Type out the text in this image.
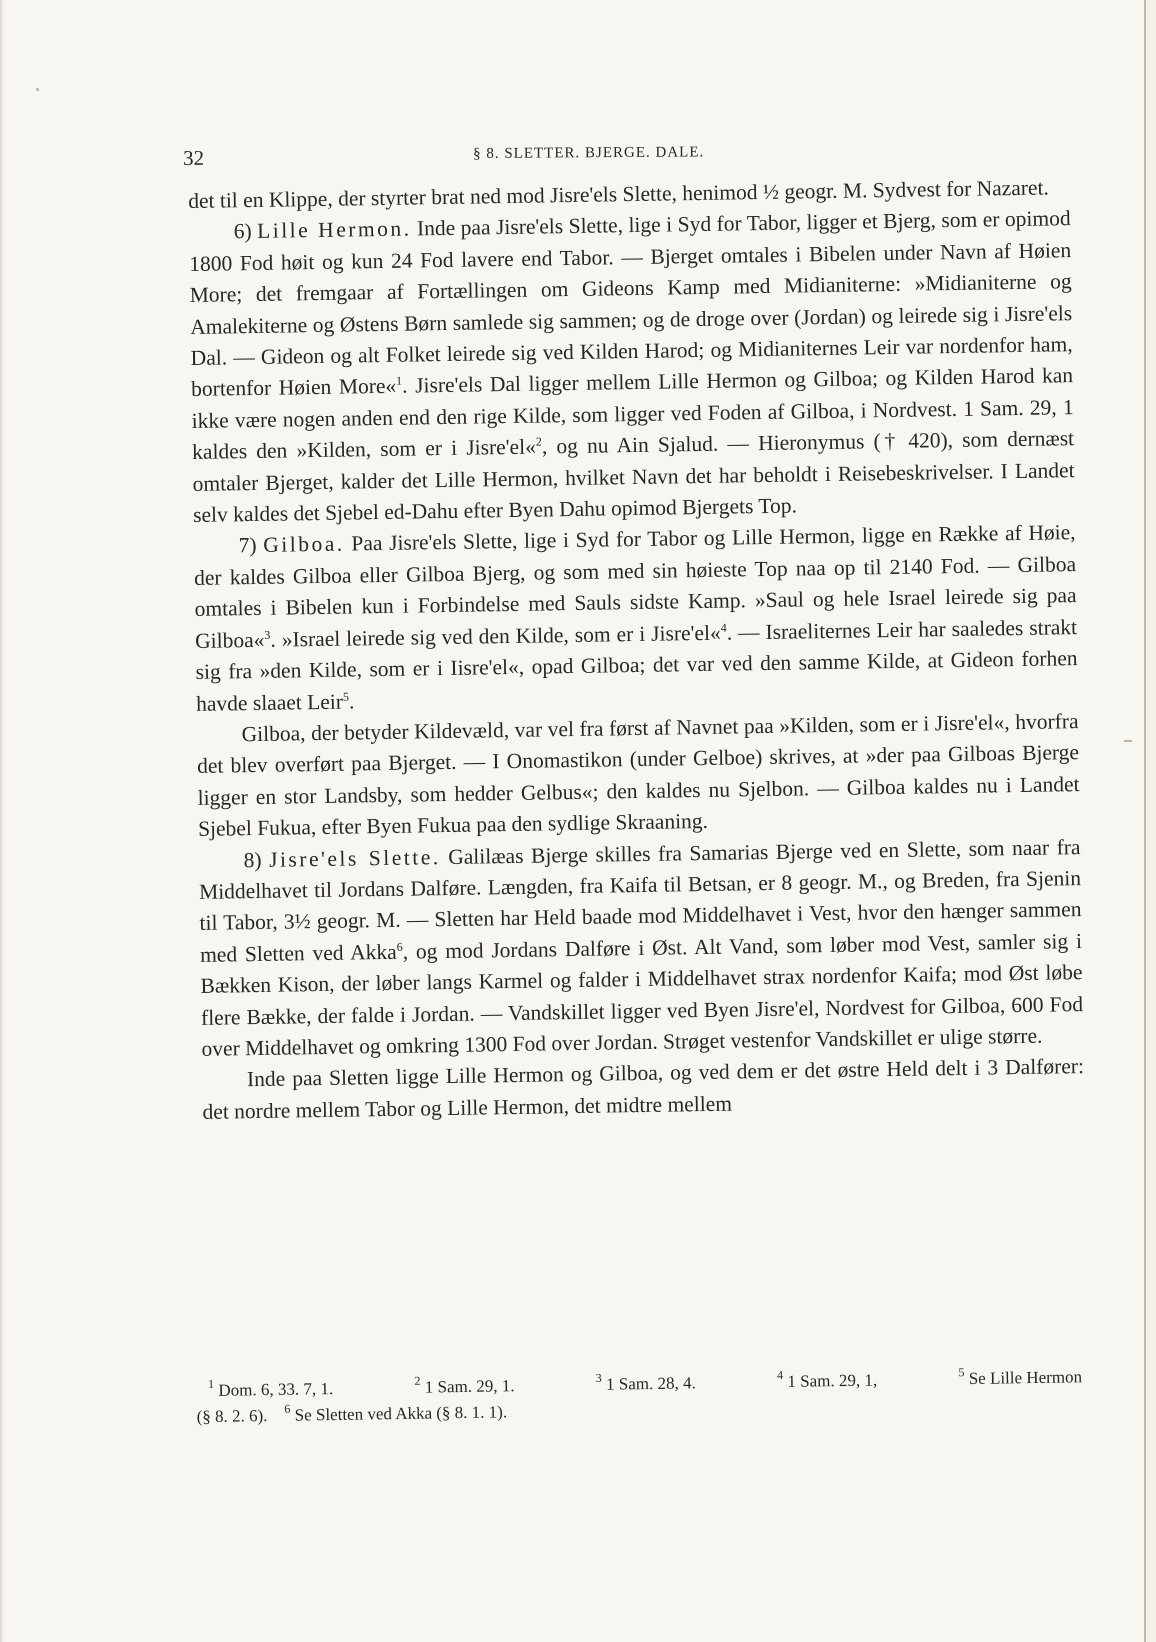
32	§ 8. SLETTER. BJERGE. DALE.

det til en Klippe, der styrter brat ned mod Jisre'els Slette, henimod ½ geogr. M. Sydvest for Nazaret.

6) Lille Hermon. Inde paa Jisre'els Slette, lige i Syd for Tabor, ligger et Bjerg, som er opimod 1800 Fod høit og kun 24 Fod lavere end Tabor. — Bjerget omtales i Bibelen under Navn af Høien More; det fremgaar af Fortællingen om Gideons Kamp med Midianiterne: »Midianiterne og Amalekiterne og Østens Børn samlede sig sammen; og de droge over (Jordan) og leirede sig i Jisre'els Dal. — Gideon og alt Folket leirede sig ved Kilden Harod; og Midianiternes Leir var nordenfor ham, bortenfor Høien More«$^1$. Jisre'els Dal ligger mellem Lille Hermon og Gilboa; og Kilden Harod kan ikke være nogen anden end den rige Kilde, som ligger ved Foden af Gilboa, i Nordvest. 1 Sam. 29, 1 kaldes den »Kilden, som er i Jisre'el«$^2$, og nu Ain Sjalud. — Hieronymus († 420), som dernæst omtaler Bjerget, kalder det Lille Hermon, hvilket Navn det har beholdt i Reisebeskrivelser. I Landet selv kaldes det Sjebel ed-Dahu efter Byen Dahu opimod Bjergets Top.

7) Gilboa. Paa Jisre'els Slette, lige i Syd for Tabor og Lille Hermon, ligge en Række af Høie, der kaldes Gilboa eller Gilboa Bjerg, og som med sin høieste Top naa op til 2140 Fod. — Gilboa omtales i Bibelen kun i Forbindelse med Sauls sidste Kamp. »Saul og hele Israel leirede sig paa Gilboa«$^3$. »Israel leirede sig ved den Kilde, som er i Jisre'el«$^4$. — Israeliternes Leir har saaledes strakt sig fra »den Kilde, som er i Iisre'el«, opad Gilboa; det var ved den samme Kilde, at Gideon forhen havde slaaet Leir$^5$.

Gilboa, der betyder Kildevæld, var vel fra først af Navnet paa »Kilden, som er i Jisre'el«, hvorfra det blev overført paa Bjerget. — I Onomastikon (under Gelboe) skrives, at »der paa Gilboas Bjerge ligger en stor Landsby, som hedder Gelbus«; den kaldes nu Sjelbon. — Gilboa kaldes nu i Landet Sjebel Fukua, efter Byen Fukua paa den sydlige Skraaning.

8) Jisre'els Slette. Galilæas Bjerge skilles fra Samarias Bjerge ved en Slette, som naar fra Middelhavet til Jordans Dalføre. Længden, fra Kaifa til Betsan, er 8 geogr. M., og Breden, fra Sjenin til Tabor, 3½ geogr. M. — Sletten har Held baade mod Middelhavet i Vest, hvor den hænger sammen med Sletten ved Akka$^6$, og mod Jordans Dalføre i Øst. Alt Vand, som løber mod Vest, samler sig i Bækken Kison, der løber langs Karmel og falder i Middelhavet strax nordenfor Kaifa; mod Øst løbe flere Bække, der falde i Jordan. — Vandskillet ligger ved Byen Jisre'el, Nordvest for Gilboa, 600 Fod over Middelhavet og omkring 1300 Fod over Jordan. Strøget vestenfor Vandskillet er ulige større.

Inde paa Sletten ligge Lille Hermon og Gilboa, og ved dem er det østre Held delt i 3 Dalfører: det nordre mellem Tabor og Lille Hermon, det midtre mellem

$^1$ Dom. 6, 33. 7, 1.	$^2$ 1 Sam. 29, 1.	$^3$ 1 Sam. 28, 4.	$^4$ 1 Sam. 29, 1,	$^5$ Se Lille Hermon
(§ 8. 2. 6). $^6$ Se Sletten ved Akka (§ 8. 1. 1).
